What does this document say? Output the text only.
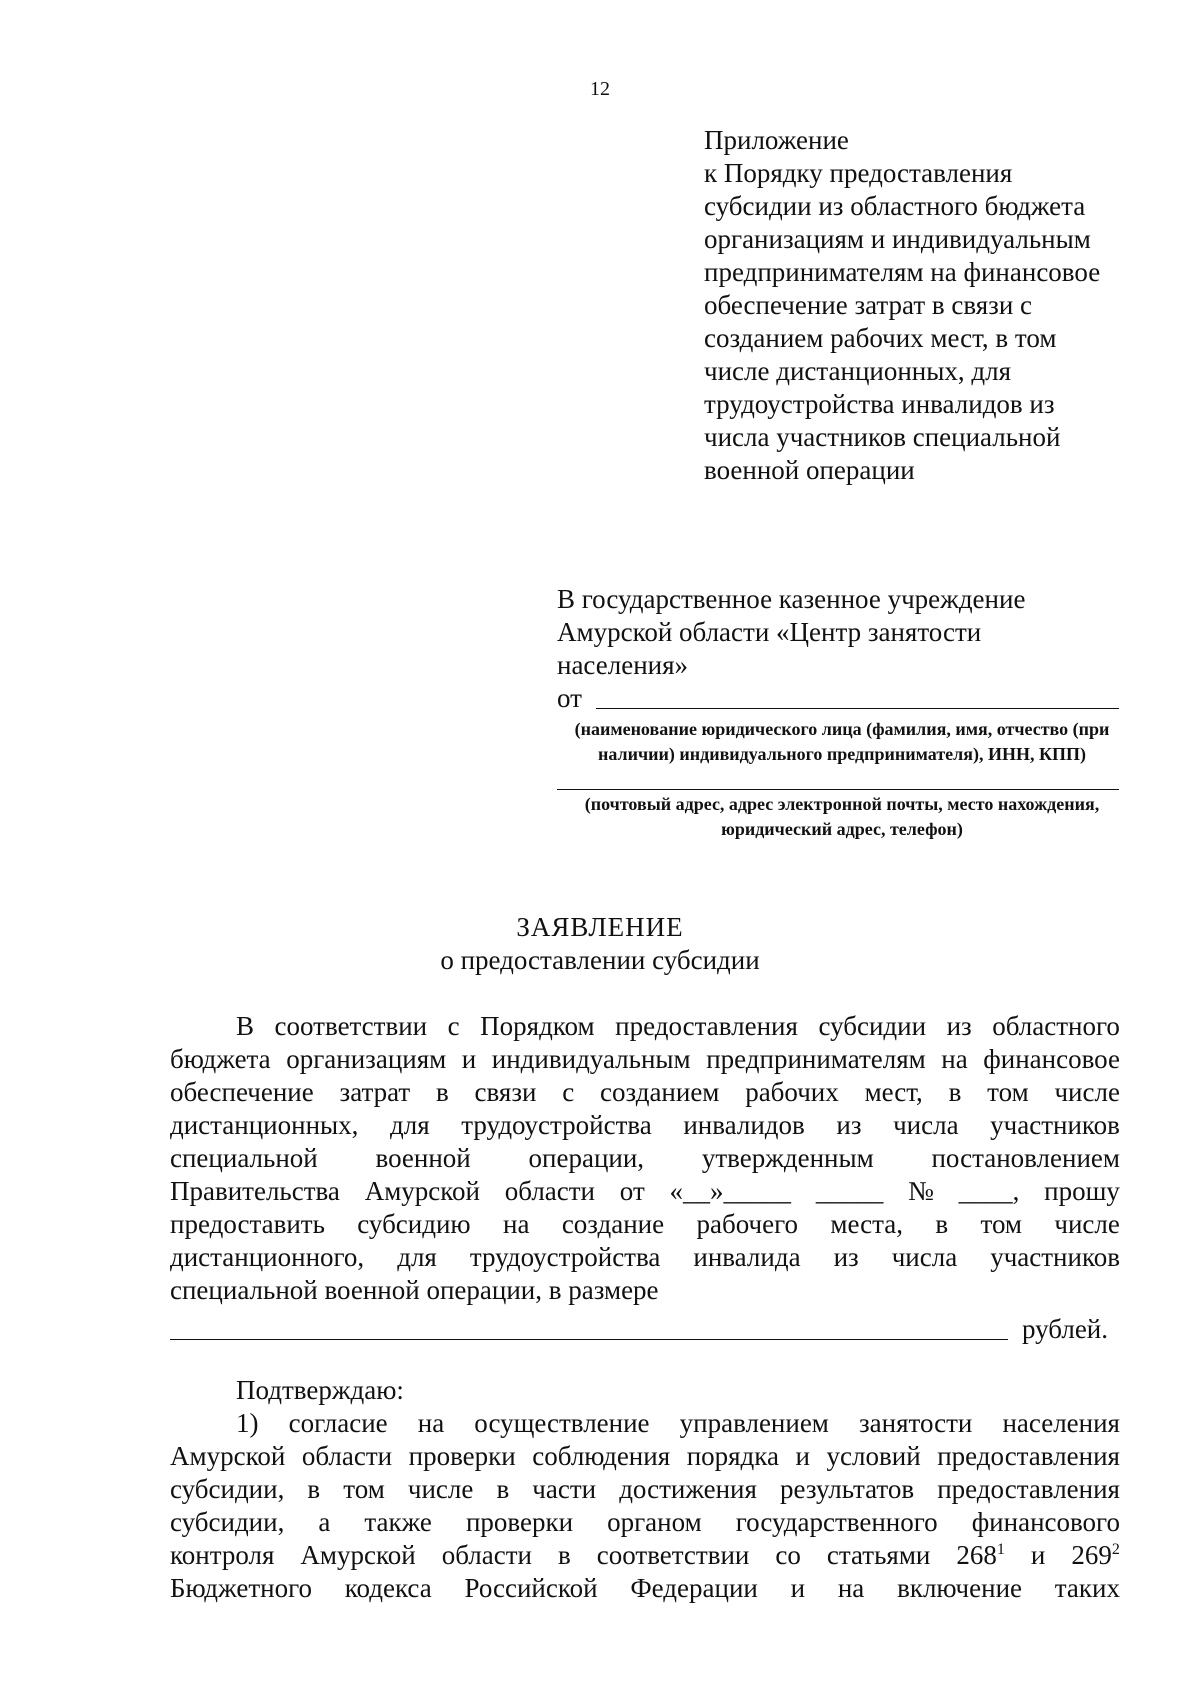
12
Приложение
к Порядку предоставления
субсидии из областного бюджета
организациям и индивидуальным
предпринимателям на финансовое
обеспечение затрат в связи с
созданием рабочих мест, в том
числе дистанционных, для
трудоустройства инвалидов из
числа участников специальной
военной операции
В государственное казенное учреждение
Амурской области «Центр занятости
населения»
от
(наименование юридического лица (фамилия, имя, отчество (при
наличии) индивидуального предпринимателя), ИНН, КПП)
(почтовый адрес, адрес электронной почты, место нахождения,
юридический адрес, телефон)
ЗАЯВЛЕНИЕ
о предоставлении субсидии
В соответствии с Порядком предоставления субсидии из областного
бюджета организациям и индивидуальным предпринимателям на финансовое
обеспечение затрат в связи с созданием рабочих мест, в том числе
дистанционных, для трудоустройства инвалидов из числа участников
специальной военной операции, утвержденным постановлением
Правительства Амурской области от «__»_____ _____ № ____, прошу
предоставить субсидию на создание рабочего места, в том числе
дистанционного, для трудоустройства инвалида из числа участников
специальной военной операции, в размере
рублей.
Подтверждаю:
1) согласие на осуществление управлением занятости населения
Амурской области проверки соблюдения порядка и условий предоставления
субсидии, в том числе в части достижения результатов предоставления
субсидии, а также проверки органом государственного финансового
контроля Амурской области в соответствии со статьями $268^1$ и $269^2$
Бюджетного кодекса Российской Федерации и на включение таких
